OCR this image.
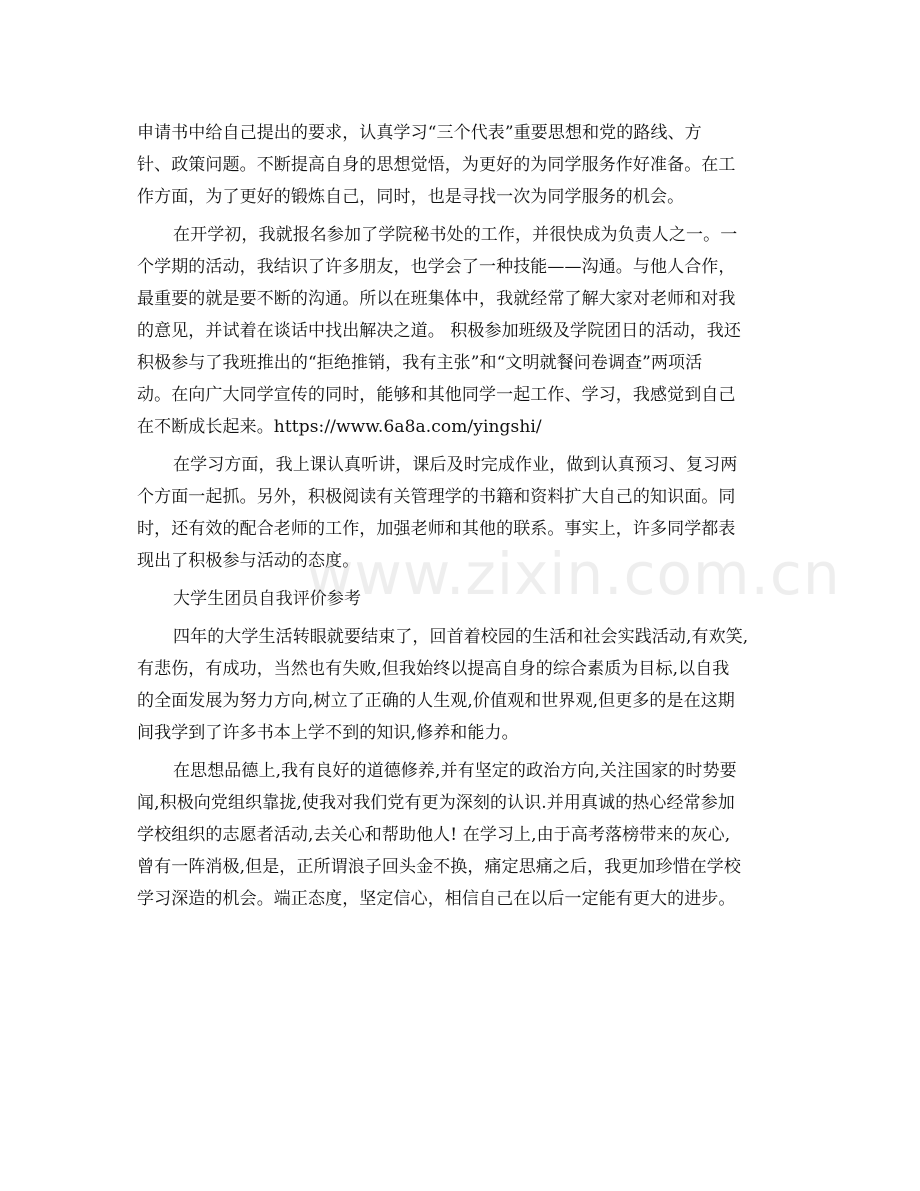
申请书中给自己提出的要求，认真学习“三个代表”重要思想和党的路线、方
针、政策问题。不断提高自身的思想觉悟，为更好的为同学服务作好准备。在工
作方面，为了更好的锻炼自己，同时，也是寻找一次为同学服务的机会。
在开学初，我就报名参加了学院秘书处的工作，并很快成为负责人之一。一
个学期的活动，我结识了许多朋友，也学会了一种技能——沟通。与他人合作，
最重要的就是要不断的沟通。所以在班集体中，我就经常了解大家对老师和对我
的意见，并试着在谈话中找出解决之道。 积极参加班级及学院团日的活动，我还
积极参与了我班推出的“拒绝推销，我有主张”和“文明就餐问卷调查”两项活
动。在向广大同学宣传的同时，能够和其他同学一起工作、学习，我感觉到自己
在不断成长起来。https://www.6a8a.com/yingshi/
在学习方面，我上课认真听讲，课后及时完成作业，做到认真预习、复习两
个方面一起抓。另外，积极阅读有关管理学的书籍和资料扩大自己的知识面。同
时，还有效的配合老师的工作，加强老师和其他的联系。事实上，许多同学都表
现出了积极参与活动的态度。
大学生团员自我评价参考
四年的大学生活转眼就要结束了，回首着校园的生活和社会实践活动,有欢笑,
有悲伤，有成功，当然也有失败,但我始终以提高自身的综合素质为目标,以自我
的全面发展为努力方向,树立了正确的人生观,价值观和世界观,但更多的是在这期
间我学到了许多书本上学不到的知识,修养和能力。
在思想品德上,我有良好的道德修养,并有坚定的政治方向,关注国家的时势要
闻,积极向党组织靠拢,使我对我们党有更为深刻的认识.并用真诚的热心经常参加
学校组织的志愿者活动,去关心和帮助他人! 在学习上,由于高考落榜带来的灰心,
曾有一阵消极,但是，正所谓浪子回头金不换，痛定思痛之后，我更加珍惜在学校
学习深造的机会。端正态度，坚定信心，相信自己在以后一定能有更大的进步。
www.zixin.com.cn
